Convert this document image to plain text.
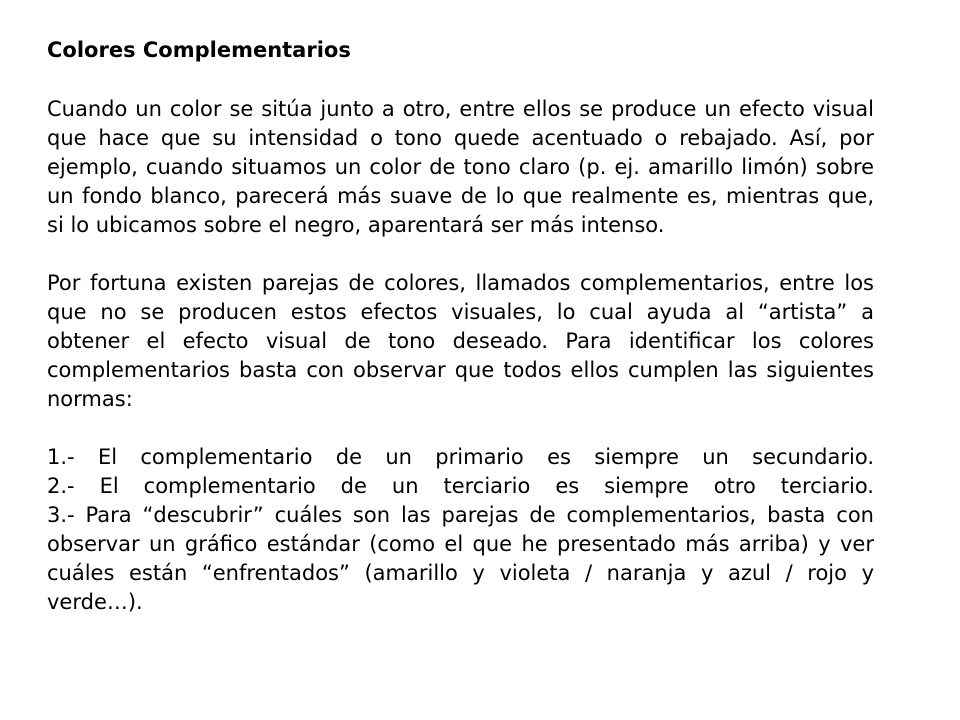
Colores Complementarios
Cuando un color se sitúa junto a otro, entre ellos se produce un efecto visual que hace que su intensidad o tono quede acentuado o rebajado. Así, por ejemplo, cuando situamos un color de tono claro (p. ej. amarillo limón) sobre un fondo blanco, parecerá más suave de lo que realmente es, mientras que, si lo ubicamos sobre el negro, aparentará ser más intenso.
Por fortuna existen parejas de colores, llamados complementarios, entre los que no se producen estos efectos visuales, lo cual ayuda al “artista” a obtener el efecto visual de tono deseado. Para identificar los colores complementarios basta con observar que todos ellos cumplen las siguientes normas:
1.- El complementario de un primario es siempre un secundario.
2.- El complementario de un terciario es siempre otro terciario.
3.- Para “descubrir” cuáles son las parejas de complementarios, basta con observar un gráfico estándar (como el que he presentado más arriba) y ver cuáles están “enfrentados” (amarillo y violeta / naranja y azul / rojo y verde…).
